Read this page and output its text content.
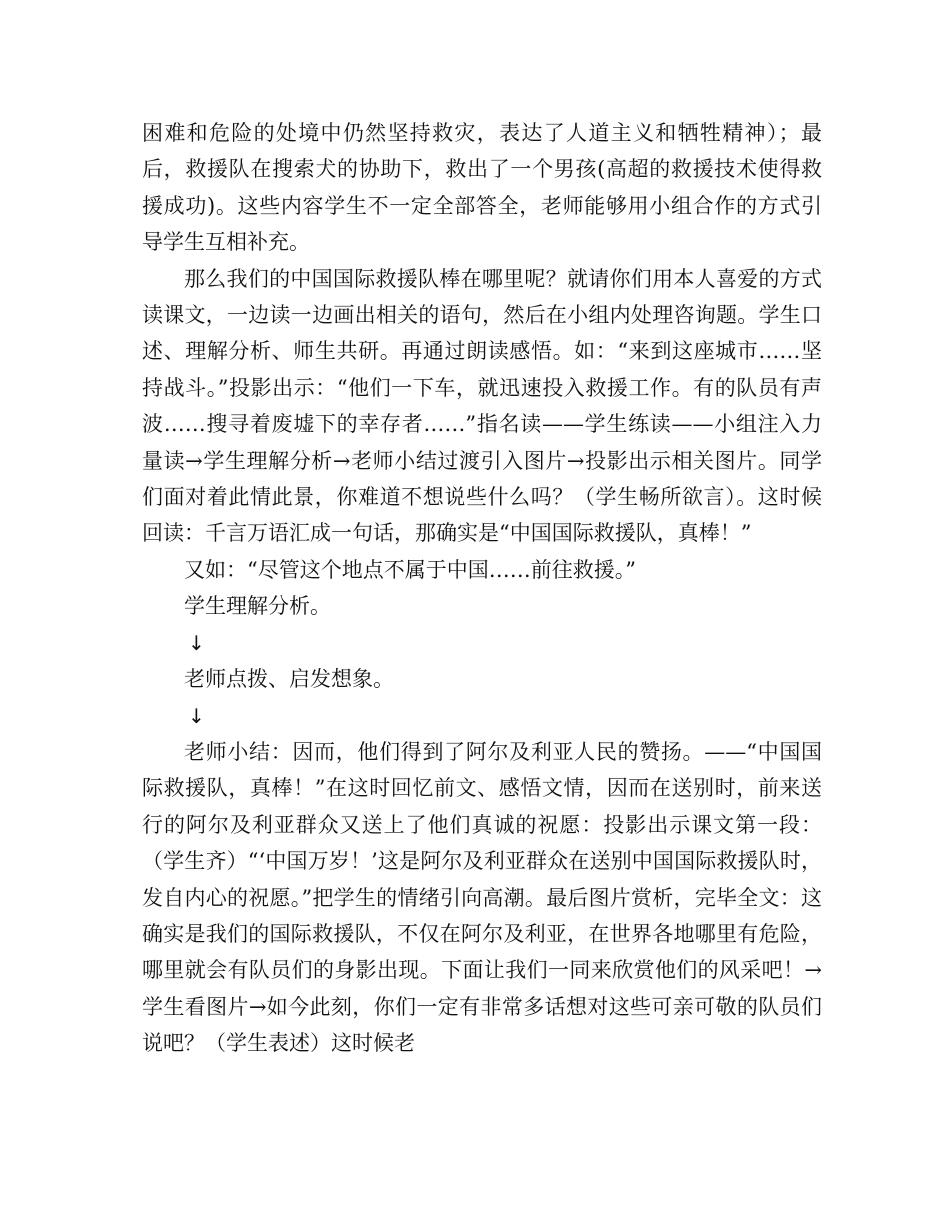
困难和危险的处境中仍然坚持救灾，表达了人道主义和牺牲精神）；最后，救援队在搜索犬的协助下，救出了一个男孩(高超的救援技术使得救援成功)。这些内容学生不一定全部答全，老师能够用小组合作的方式引导学生互相补充。

那么我们的中国国际救援队棒在哪里呢？就请你们用本人喜爱的方式读课文，一边读一边画出相关的语句，然后在小组内处理咨询题。学生口述、理解分析、师生共研。再通过朗读感悟。如：“来到这座城市……坚持战斗。”投影出示：“他们一下车，就迅速投入救援工作。有的队员有声波……搜寻着废墟下的幸存者……”指名读——学生练读——小组注入力量读→学生理解分析→老师小结过渡引入图片→投影出示相关图片。同学们面对着此情此景，你难道不想说些什么吗？（学生畅所欲言）。这时候回读：千言万语汇成一句话，那确实是“中国国际救援队，真棒！”

又如：“尽管这个地点不属于中国……前往救援。”

学生理解分析。

↓

老师点拨、启发想象。

↓

老师小结：因而，他们得到了阿尔及利亚人民的赞扬。——“中国国际救援队，真棒！”在这时回忆前文、感悟文情，因而在送别时，前来送行的阿尔及利亚群众又送上了他们真诚的祝愿：投影出示课文第一段：（学生齐）“‘中国万岁！’这是阿尔及利亚群众在送别中国国际救援队时，发自内心的祝愿。”把学生的情绪引向高潮。最后图片赏析，完毕全文：这确实是我们的国际救援队，不仅在阿尔及利亚，在世界各地哪里有危险，哪里就会有队员们的身影出现。下面让我们一同来欣赏他们的风采吧！→学生看图片→如今此刻，你们一定有非常多话想对这些可亲可敬的队员们说吧？（学生表述）这时候老
